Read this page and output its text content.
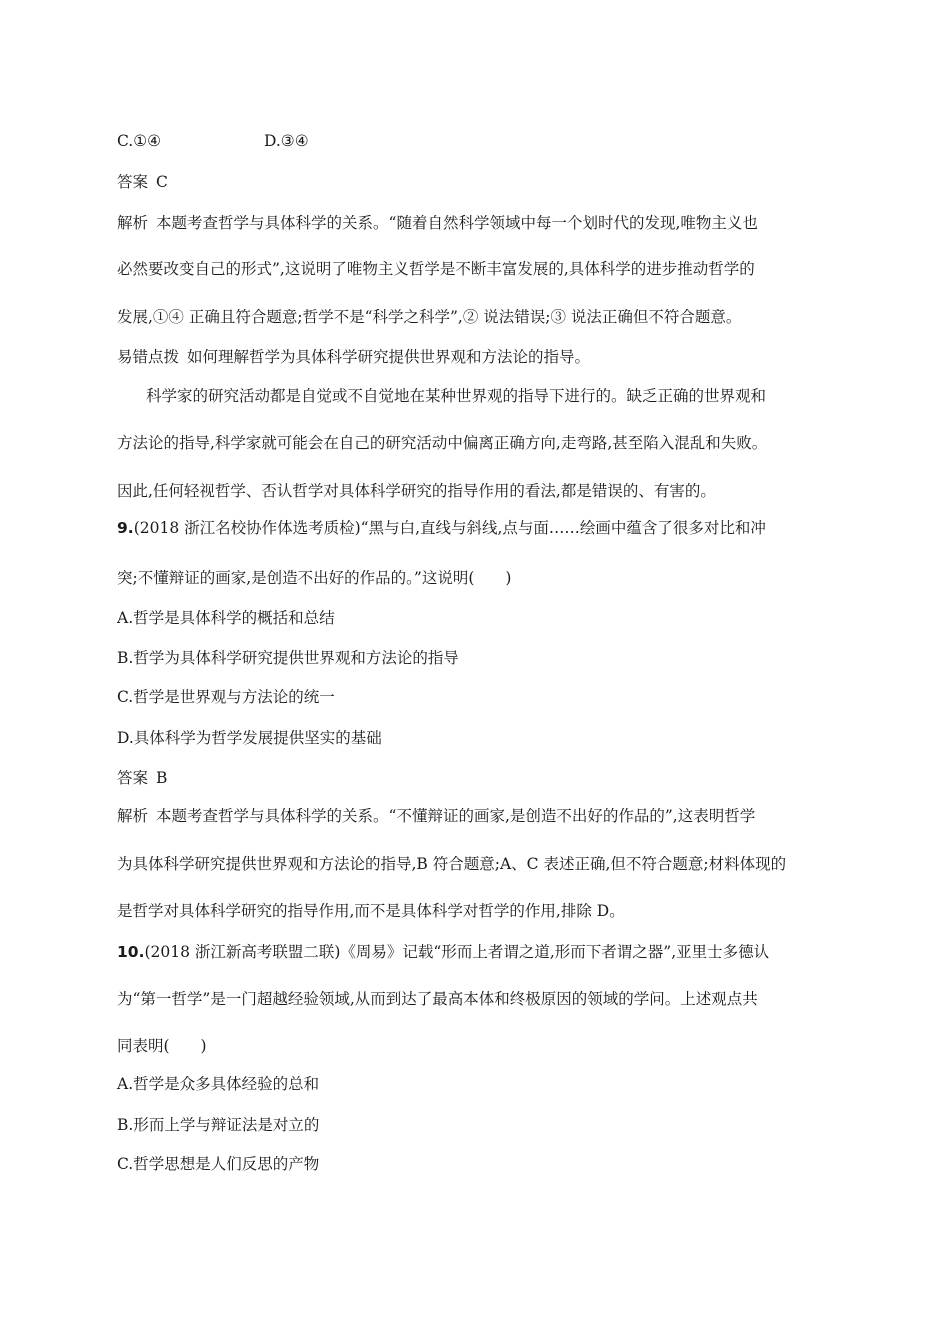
C.①④	D.③④
答案 C
解析 本题考查哲学与具体科学的关系。“随着自然科学领域中每一个划时代的发现,唯物主义也
必然要改变自己的形式”,这说明了唯物主义哲学是不断丰富发展的,具体科学的进步推动哲学的
发展,①④ 正确且符合题意;哲学不是“科学之科学”,② 说法错误;③ 说法正确但不符合题意。
易错点拨 如何理解哲学为具体科学研究提供世界观和方法论的指导。
科学家的研究活动都是自觉或不自觉地在某种世界观的指导下进行的。缺乏正确的世界观和
方法论的指导,科学家就可能会在自己的研究活动中偏离正确方向,走弯路,甚至陷入混乱和失败。
因此,任何轻视哲学、否认哲学对具体科学研究的指导作用的看法,都是错误的、有害的。
9.(2018 浙江名校协作体选考质检)“黑与白,直线与斜线,点与面……绘画中蕴含了很多对比和冲
突;不懂辩证的画家,是创造不出好的作品的。”这说明(　　)
A.哲学是具体科学的概括和总结
B.哲学为具体科学研究提供世界观和方法论的指导
C.哲学是世界观与方法论的统一
D.具体科学为哲学发展提供坚实的基础
答案 B
解析 本题考查哲学与具体科学的关系。“不懂辩证的画家,是创造不出好的作品的”,这表明哲学
为具体科学研究提供世界观和方法论的指导,B 符合题意;A、C 表述正确,但不符合题意;材料体现的
是哲学对具体科学研究的指导作用,而不是具体科学对哲学的作用,排除 D。
10.(2018 浙江新高考联盟二联)《周易》记载“形而上者谓之道,形而下者谓之器”,亚里士多德认
为“第一哲学”是一门超越经验领域,从而到达了最高本体和终极原因的领域的学问。上述观点共
同表明(　　)
A.哲学是众多具体经验的总和
B.形而上学与辩证法是对立的
C.哲学思想是人们反思的产物
